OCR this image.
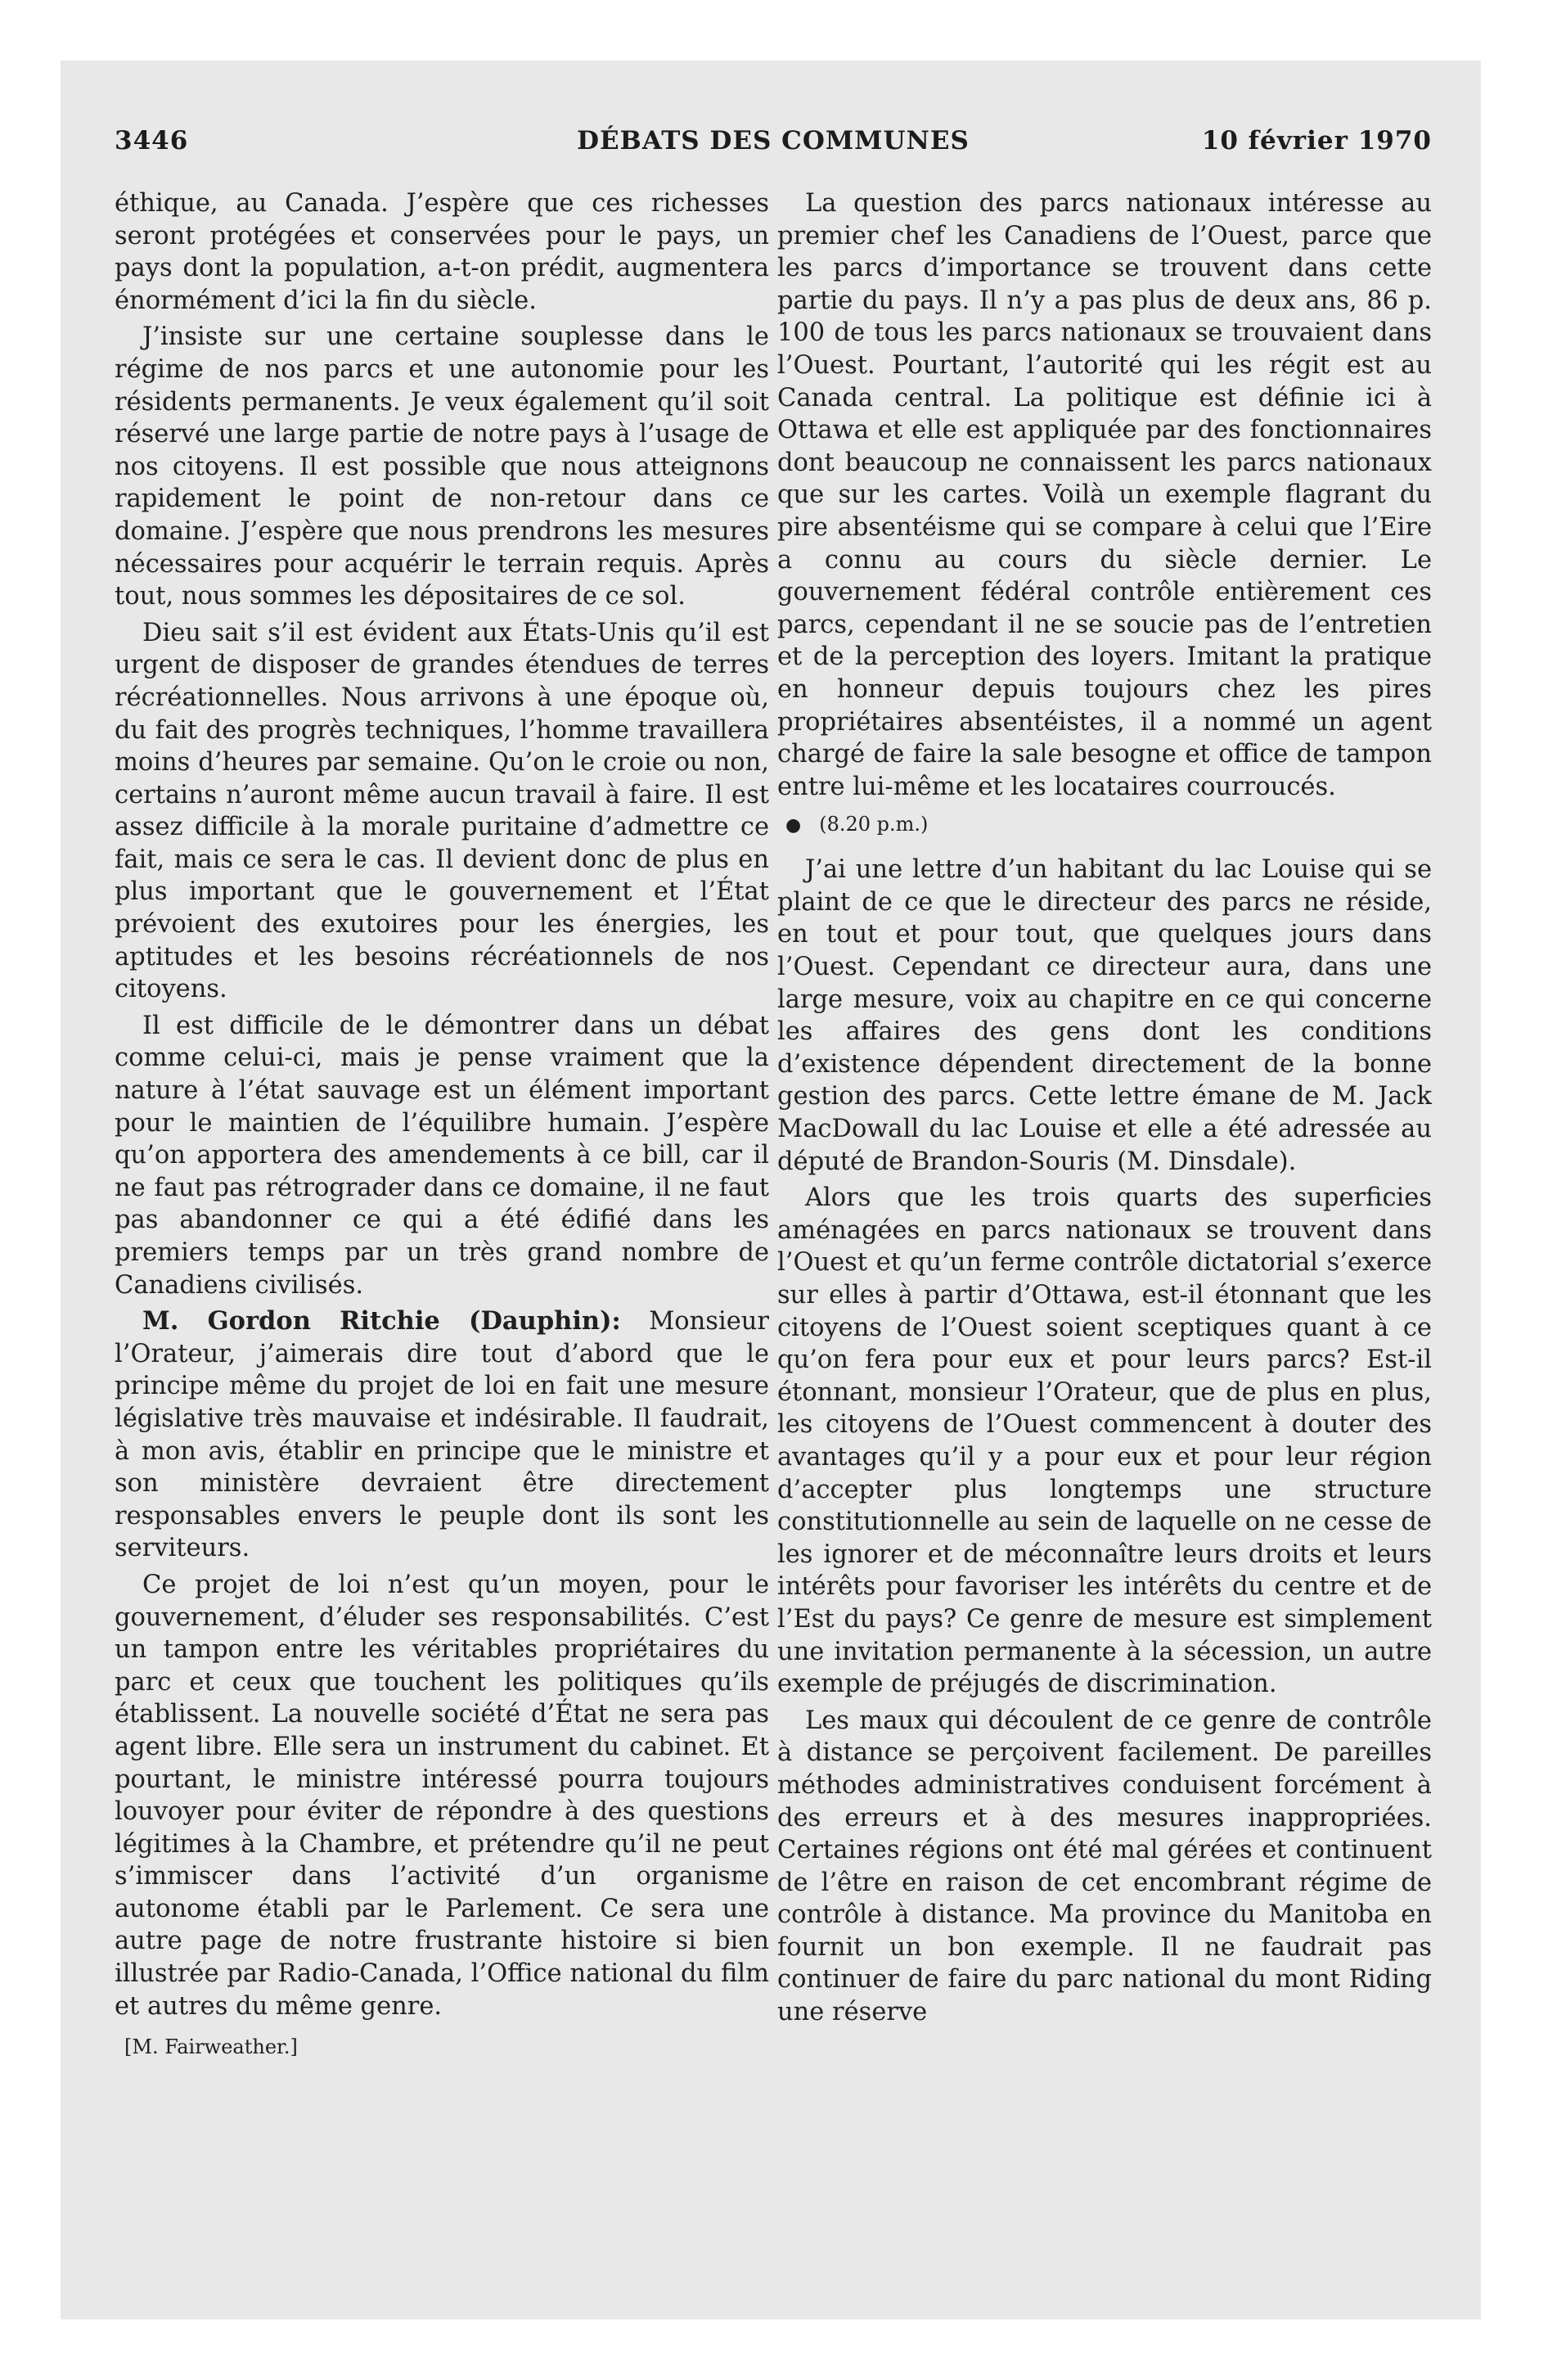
3446	DÉBATS DES COMMUNES	10 février 1970

éthique, au Canada. J’espère que ces richesses seront protégées et conservées pour le pays, un pays dont la population, a-t-on prédit, augmentera énormément d’ici la fin du siècle.

J’insiste sur une certaine souplesse dans le régime de nos parcs et une autonomie pour les résidents permanents. Je veux également qu’il soit réservé une large partie de notre pays à l’usage de nos citoyens. Il est possible que nous atteignons rapidement le point de non-retour dans ce domaine. J’espère que nous prendrons les mesures nécessaires pour acquérir le terrain requis. Après tout, nous sommes les dépositaires de ce sol.

Dieu sait s’il est évident aux États-Unis qu’il est urgent de disposer de grandes étendues de terres récréationnelles. Nous arrivons à une époque où, du fait des progrès techniques, l’homme travaillera moins d’heures par semaine. Qu’on le croie ou non, certains n’auront même aucun travail à faire. Il est assez difficile à la morale puritaine d’admettre ce fait, mais ce sera le cas. Il devient donc de plus en plus important que le gouvernement et l’État prévoient des exutoires pour les énergies, les aptitudes et les besoins récréationnels de nos citoyens.

Il est difficile de le démontrer dans un débat comme celui-ci, mais je pense vraiment que la nature à l’état sauvage est un élément important pour le maintien de l’équilibre humain. J’espère qu’on apportera des amendements à ce bill, car il ne faut pas rétrograder dans ce domaine, il ne faut pas abandonner ce qui a été édifié dans les premiers temps par un très grand nombre de Canadiens civilisés.

M. Gordon Ritchie (Dauphin): Monsieur l’Orateur, j’aimerais dire tout d’abord que le principe même du projet de loi en fait une mesure législative très mauvaise et indésirable. Il faudrait, à mon avis, établir en principe que le ministre et son ministère devraient être directement responsables envers le peuple dont ils sont les serviteurs.

Ce projet de loi n’est qu’un moyen, pour le gouvernement, d’éluder ses responsabilités. C’est un tampon entre les véritables propriétaires du parc et ceux que touchent les politiques qu’ils établissent. La nouvelle société d’État ne sera pas agent libre. Elle sera un instrument du cabinet. Et pourtant, le ministre intéressé pourra toujours louvoyer pour éviter de répondre à des questions légitimes à la Chambre, et prétendre qu’il ne peut s’immiscer dans l’activité d’un organisme autonome établi par le Parlement. Ce sera une autre page de notre frustrante histoire si bien illustrée par Radio-Canada, l’Office national du film et autres du même genre.

[M. Fairweather.]

La question des parcs nationaux intéresse au premier chef les Canadiens de l’Ouest, parce que les parcs d’importance se trouvent dans cette partie du pays. Il n’y a pas plus de deux ans, 86 p. 100 de tous les parcs nationaux se trouvaient dans l’Ouest. Pourtant, l’autorité qui les régit est au Canada central. La politique est définie ici à Ottawa et elle est appliquée par des fonctionnaires dont beaucoup ne connaissent les parcs nationaux que sur les cartes. Voilà un exemple flagrant du pire absentéisme qui se compare à celui que l’Eire a connu au cours du siècle dernier. Le gouvernement fédéral contrôle entièrement ces parcs, cependant il ne se soucie pas de l’entretien et de la perception des loyers. Imitant la pratique en honneur depuis toujours chez les pires propriétaires absentéistes, il a nommé un agent chargé de faire la sale besogne et office de tampon entre lui-même et les locataires courroucés.

● (8.20 p.m.)

J’ai une lettre d’un habitant du lac Louise qui se plaint de ce que le directeur des parcs ne réside, en tout et pour tout, que quelques jours dans l’Ouest. Cependant ce directeur aura, dans une large mesure, voix au chapitre en ce qui concerne les affaires des gens dont les conditions d’existence dépendent directement de la bonne gestion des parcs. Cette lettre émane de M. Jack MacDowall du lac Louise et elle a été adressée au député de Brandon-Souris (M. Dinsdale).

Alors que les trois quarts des superficies aménagées en parcs nationaux se trouvent dans l’Ouest et qu’un ferme contrôle dictatorial s’exerce sur elles à partir d’Ottawa, est-il étonnant que les citoyens de l’Ouest soient sceptiques quant à ce qu’on fera pour eux et pour leurs parcs? Est-il étonnant, monsieur l’Orateur, que de plus en plus, les citoyens de l’Ouest commencent à douter des avantages qu’il y a pour eux et pour leur région d’accepter plus longtemps une structure constitutionnelle au sein de laquelle on ne cesse de les ignorer et de méconnaître leurs droits et leurs intérêts pour favoriser les intérêts du centre et de l’Est du pays? Ce genre de mesure est simplement une invitation permanente à la sécession, un autre exemple de préjugés de discrimination.

Les maux qui découlent de ce genre de contrôle à distance se perçoivent facilement. De pareilles méthodes administratives conduisent forcément à des erreurs et à des mesures inappropriées. Certaines régions ont été mal gérées et continuent de l’être en raison de cet encombrant régime de contrôle à distance. Ma province du Manitoba en fournit un bon exemple. Il ne faudrait pas continuer de faire du parc national du mont Riding une réserve
